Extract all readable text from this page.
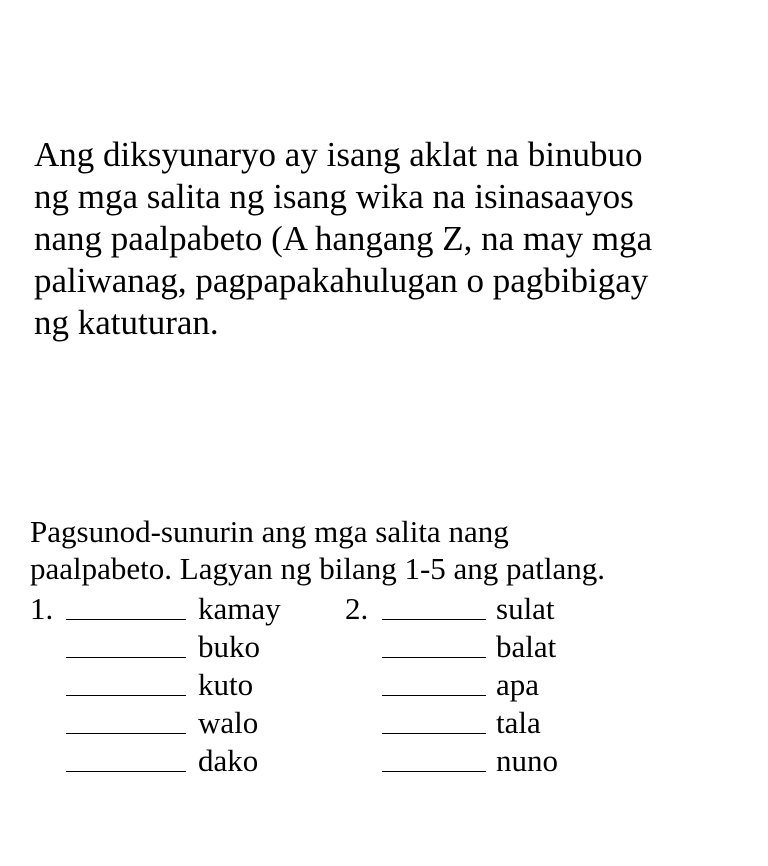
Ang diksyunaryo ay isang aklat na binubuo
ng mga salita ng isang wika na isinasaayos
nang paalpabeto (A hangang Z, na may mga
paliwanag, pagpapakahulugan o pagbibigay
ng katuturan.
Pagsunod-sunurin ang mga salita nang
paalpabeto. Lagyan ng bilang 1-5 ang patlang.
1.	kamay 2.	sulat
buko	balat
kuto	apa
walo	tala
dako	nuno
